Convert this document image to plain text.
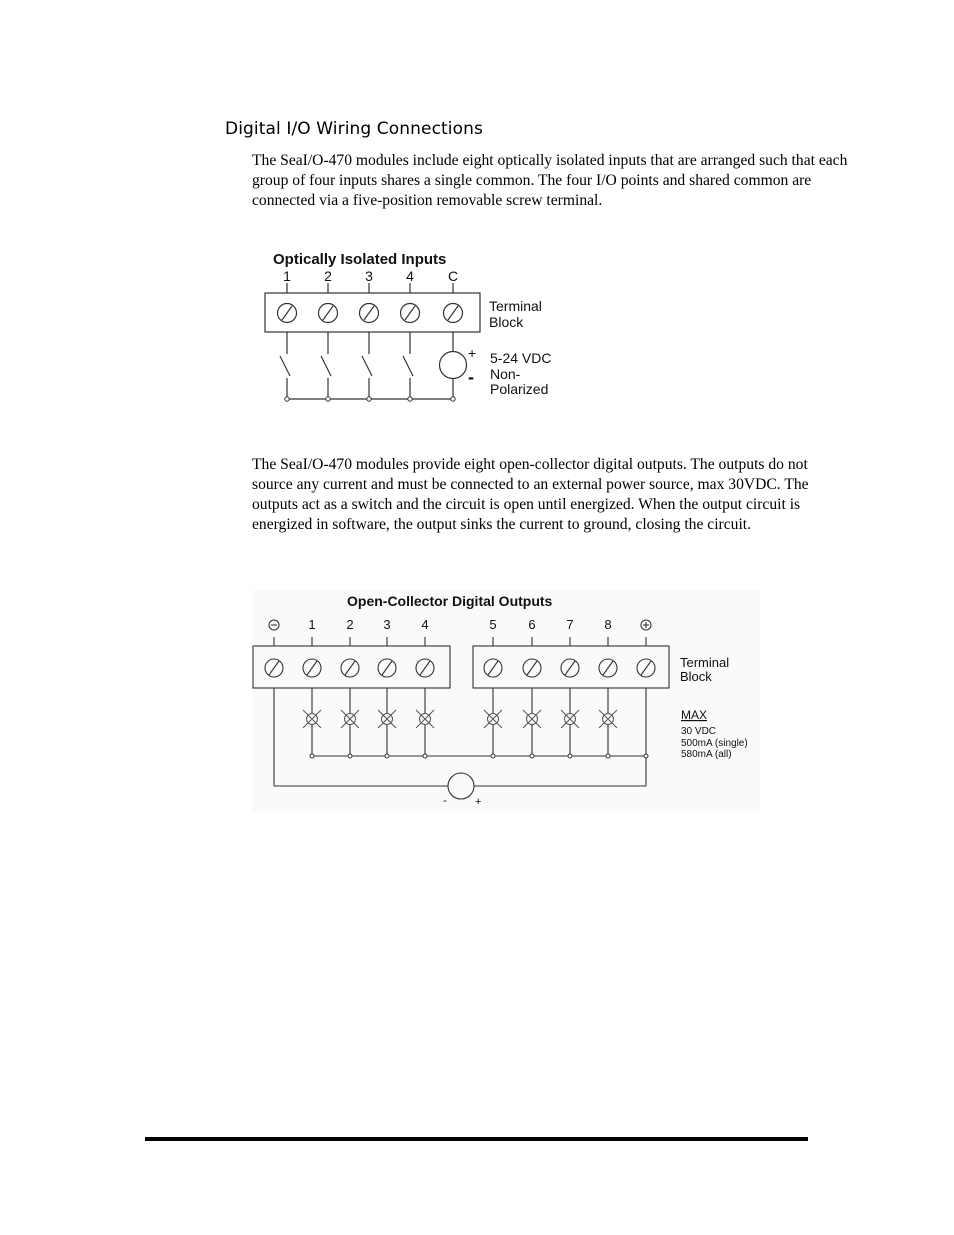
Digital I/O Wiring Connections

The SeaI/O-470 modules include eight optically isolated inputs that are arranged such that each group of four inputs shares a single common. The four I/O points and shared common are connected via a five-position removable screw terminal.

Optically Isolated Inputs
1 2 3 4 C
+
-
Terminal
Block
5-24 VDC
Non-
Polarized

The SeaI/O-470 modules provide eight open-collector digital outputs. The outputs do not source any current and must be connected to an external power source, max 30VDC. The outputs act as a switch and the circuit is open until energized. When the output circuit is energized in software, the output sinks the current to ground, closing the circuit.

Open-Collector Digital Outputs
1 2 3 4	5 6 7 8
-	+
Terminal
Block
MAX
30 VDC
500mA (single)
580mA (all)
